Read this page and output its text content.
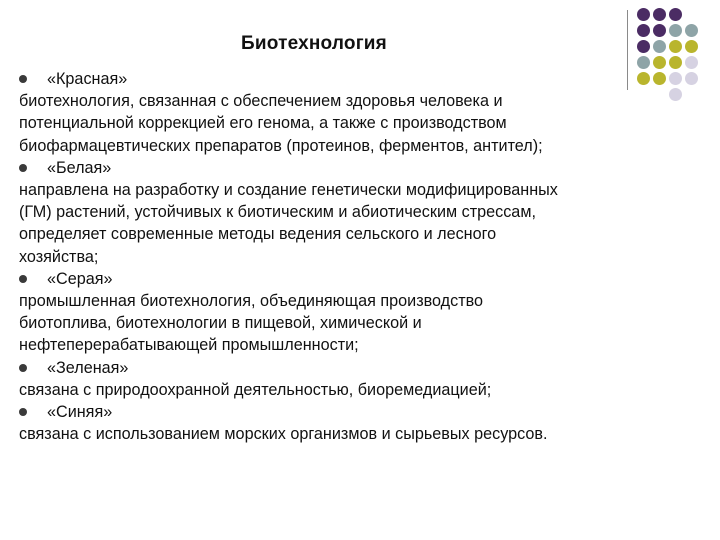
Биотехнология
«Красная»

биотехнология, связанная с обеспечением здоровья человека и
потенциальной коррекцией его генома, а также с производством
биофармацевтических препаратов (протеинов, ферментов, антител);

«Белая»

направлена на разработку и создание генетически модифицированных
(ГМ) растений, устойчивых к биотическим и абиотическим стрессам,
определяет современные методы ведения сельского и лесного
хозяйства;

«Серая»

промышленная биотехнология, объединяющая производство
биотоплива, биотехнологии в пищевой, химической и
нефтеперерабатывающей промышленности;

«Зеленая»

связана с природоохранной деятельностью, биоремедиацией;

«Синяя»

связана с использованием морских организмов и сырьевых ресурсов.
